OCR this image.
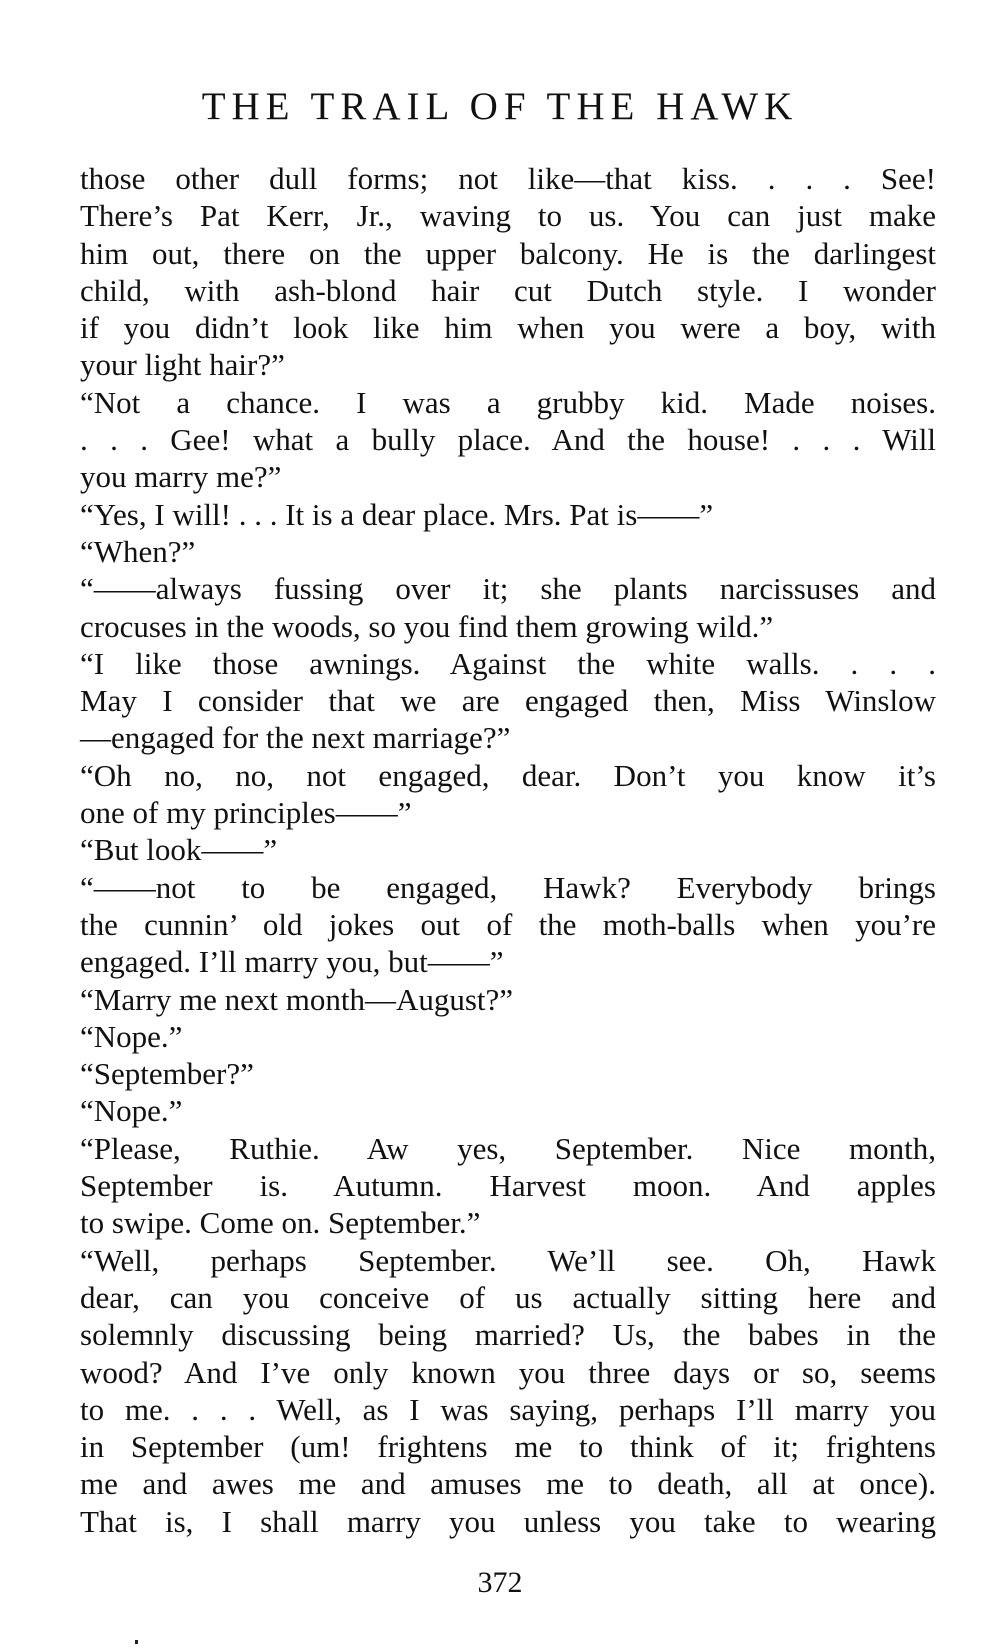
THE TRAIL OF THE HAWK
those other dull forms; not like—that kiss. . . . See!
There’s Pat Kerr, Jr., waving to us. You can just make
him out, there on the upper balcony. He is the darlingest
child, with ash-blond hair cut Dutch style. I wonder
if you didn’t look like him when you were a boy, with
your light hair?”
“Not a chance. I was a grubby kid. Made noises.
. . . Gee! what a bully place. And the house! . . . Will
you marry me?”
“Yes, I will! . . . It is a dear place. Mrs. Pat is——”
“When?”
“——always fussing over it; she plants narcissuses and
crocuses in the woods, so you find them growing wild.”
“I like those awnings. Against the white walls. . . .
May I consider that we are engaged then, Miss Winslow
—engaged for the next marriage?”
“Oh no, no, not engaged, dear. Don’t you know it’s
one of my principles——”
“But look——”
“——not to be engaged, Hawk? Everybody brings
the cunnin’ old jokes out of the moth-balls when you’re
engaged. I’ll marry you, but——”
“Marry me next month—August?”
“Nope.”
“September?”
“Nope.”
“Please, Ruthie. Aw yes, September. Nice month,
September is. Autumn. Harvest moon. And apples
to swipe. Come on. September.”
“Well, perhaps September. We’ll see. Oh, Hawk
dear, can you conceive of us actually sitting here and
solemnly discussing being married? Us, the babes in the
wood? And I’ve only known you three days or so, seems
to me. . . . Well, as I was saying, perhaps I’ll marry you
in September (um! frightens me to think of it; frightens
me and awes me and amuses me to death, all at once).
That is, I shall marry you unless you take to wearing
372
